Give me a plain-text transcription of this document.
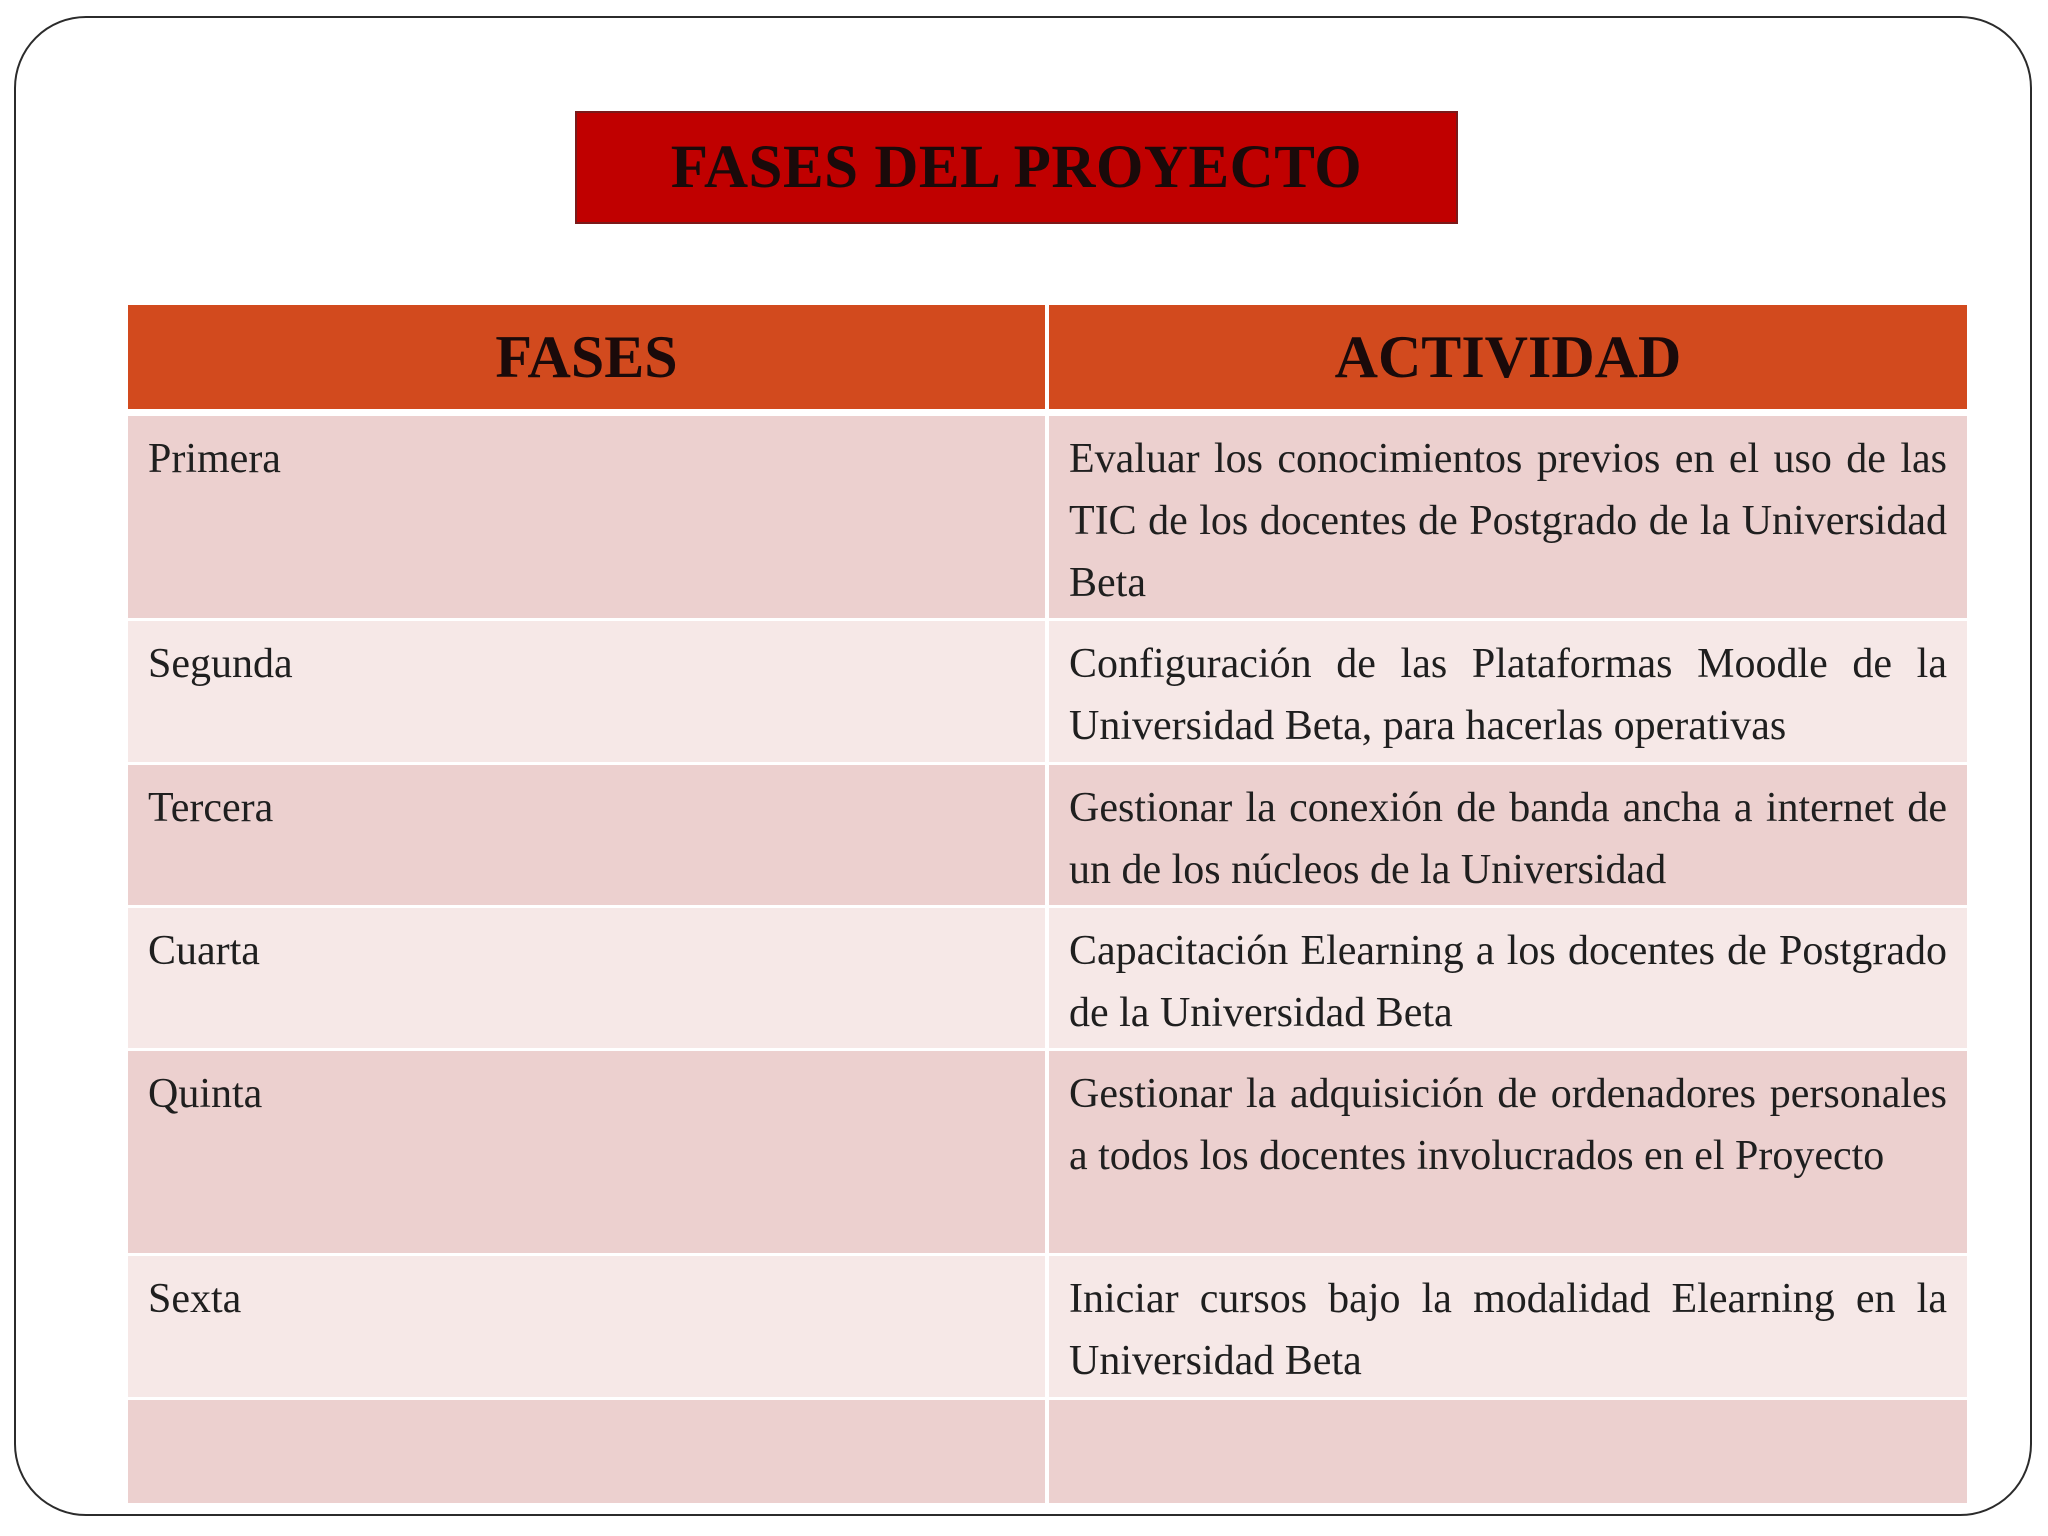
FASES DEL PROYECTO
FASES	ACTIVIDAD
Primera	Evaluar los conocimientos previos en el uso de las TIC de los docentes de Postgrado de la Universidad Beta
Segunda	Configuración de las Plataformas Moodle de la Universidad Beta, para hacerlas operativas
Tercera	Gestionar la conexión de banda ancha a internet de un de los núcleos de la Universidad
Cuarta	Capacitación Elearning a los docentes de Postgrado de la Universidad Beta
Quinta	Gestionar la adquisición de ordenadores personales a todos los docentes involucrados en el Proyecto
Sexta	Iniciar cursos bajo la modalidad Elearning en la Universidad Beta
